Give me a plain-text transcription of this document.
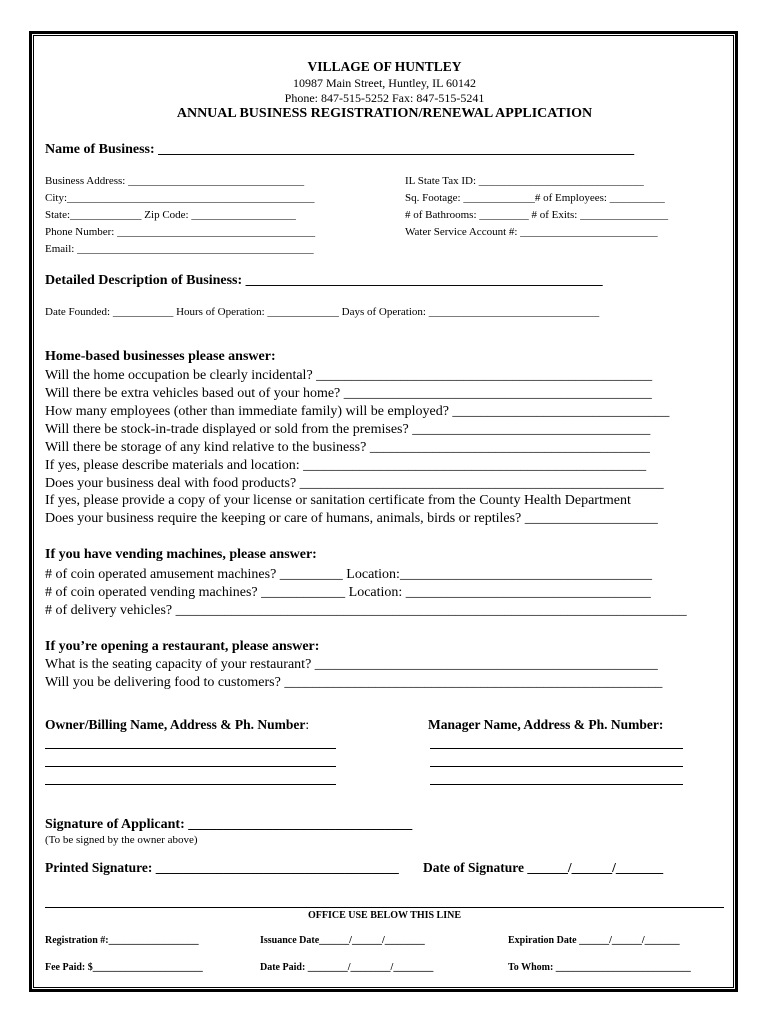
VILLAGE OF HUNTLEY
10987 Main Street, Huntley, IL 60142
Phone: 847-515-5252 Fax: 847-515-5241
ANNUAL BUSINESS REGISTRATION/RENEWAL APPLICATION
Name of Business: ____________________________________________________________________
Business Address: ________________________________
City:_____________________________________________
State:_____________ Zip Code: ___________________
Phone Number: ____________________________________
Email: ___________________________________________
IL State Tax ID: ______________________________
Sq. Footage: _____________# of Employees: __________
# of Bathrooms: _________ # of Exits: ________________
Water Service Account #: _________________________
Detailed Description of Business: ___________________________________________________
Date Founded: ___________ Hours of Operation: _____________ Days of Operation: _______________________________
Home-based businesses please answer:
Will the home occupation be clearly incidental? ________________________________________________
Will there be extra vehicles based out of your home? ____________________________________________
How many employees (other than immediate family) will be employed? _______________________________
Will there be stock-in-trade displayed or sold from the premises? __________________________________
Will there be storage of any kind relative to the business? ________________________________________
If yes, please describe materials and location: _________________________________________________
Does your business deal with food products? ____________________________________________________
If yes, please provide a copy of your license or sanitation certificate from the County Health Department
Does your business require the keeping or care of humans, animals, birds or reptiles? ___________________
If you have vending machines, please answer:
# of coin operated amusement machines? _________ Location:____________________________________
# of coin operated vending machines? ____________ Location: ___________________________________
# of delivery vehicles? _________________________________________________________________________
If you’re opening a restaurant, please answer:
What is the seating capacity of your restaurant? _________________________________________________
Will you be delivering food to customers? ______________________________________________________
Owner/Billing Name, Address & Ph. Number:	Manager Name, Address & Ph. Number:
Signature of Applicant: ________________________________
(To be signed by the owner above)
Printed Signature: ____________________________________ Date of Signature ______/______/_______
OFFICE USE BELOW THIS LINE
Registration #:__________________	Issuance Date______/______/________	Expiration Date ______/______/_______
Fee Paid: $______________________	Date Paid: ________/________/________	To Whom: ___________________________
